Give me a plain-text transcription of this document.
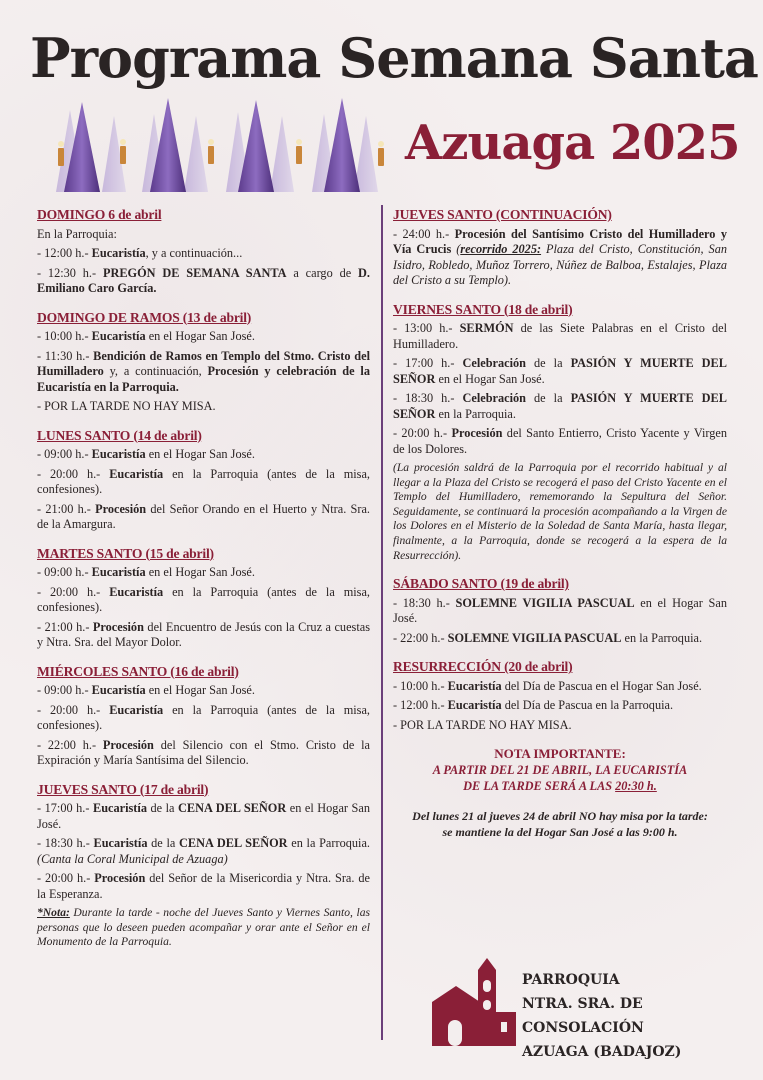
Programa Semana Santa
Azuaga 2025
DOMINGO 6 de abril
En la Parroquia:
- 12:00 h.- Eucaristía, y a continuación...
- 12:30 h.- PREGÓN DE SEMANA SANTA a cargo de D. Emiliano Caro García.
DOMINGO DE RAMOS (13 de abril)
- 10:00 h.- Eucaristía en el Hogar San José.
- 11:30 h.- Bendición de Ramos en Templo del Stmo. Cristo del Humilladero y, a continuación, Procesión y celebración de la Eucaristía en la Parroquia.
- POR LA TARDE NO HAY MISA.
LUNES SANTO (14 de abril)
- 09:00 h.- Eucaristía en el Hogar San José.
- 20:00 h.- Eucaristía en la Parroquia (antes de la misa, confesiones).
- 21:00 h.- Procesión del Señor Orando en el Huerto y Ntra. Sra. de la Amargura.
MARTES SANTO (15 de abril)
- 09:00 h.- Eucaristía en el Hogar San José.
- 20:00 h.- Eucaristía en la Parroquia (antes de la misa, confesiones).
- 21:00 h.- Procesión del Encuentro de Jesús con la Cruz a cuestas y Ntra. Sra. del Mayor Dolor.
MIÉRCOLES SANTO (16 de abril)
- 09:00 h.- Eucaristía en el Hogar San José.
- 20:00 h.- Eucaristía en la Parroquia (antes de la misa, confesiones).
- 22:00 h.- Procesión del Silencio con el Stmo. Cristo de la Expiración y María Santísima del Silencio.
JUEVES SANTO (17 de abril)
- 17:00 h.- Eucaristía de la CENA DEL SEÑOR en el Hogar San José.
- 18:30 h.- Eucaristía de la CENA DEL SEÑOR en la Parroquia. (Canta la Coral Municipal de Azuaga)
- 20:00 h.- Procesión del Señor de la Misericordia y Ntra. Sra. de la Esperanza.
*Nota: Durante la tarde - noche del Jueves Santo y Viernes Santo, las personas que lo deseen pueden acompañar y orar ante el Señor en el Monumento de la Parroquia.
JUEVES SANTO (CONTINUACIÓN)
- 24:00 h.- Procesión del Santísimo Cristo del Humilladero y Vía Crucis (recorrido 2025: Plaza del Cristo, Constitución, San Isidro, Robledo, Muñoz Torrero, Núñez de Balboa, Estalajes, Plaza del Cristo a su Templo).
VIERNES SANTO (18 de abril)
- 13:00 h.- SERMÓN de las Siete Palabras en el Cristo del Humilladero.
- 17:00 h.- Celebración de la PASIÓN Y MUERTE DEL SEÑOR en el Hogar San José.
- 18:30 h.- Celebración de la PASIÓN Y MUERTE DEL SEÑOR en la Parroquia.
- 20:00 h.- Procesión del Santo Entierro, Cristo Yacente y Virgen de los Dolores.
(La procesión saldrá de la Parroquia por el recorrido habitual y al llegar a la Plaza del Cristo se recogerá el paso del Cristo Yacente en el Templo del Humilladero, rememorando la Sepultura del Señor. Seguidamente, se continuará la procesión acompañando a la Virgen de los Dolores en el Misterio de la Soledad de Santa María, hasta llegar, finalmente, a la Parroquia, donde se recogerá a la espera de la Resurrección).
SÁBADO SANTO (19 de abril)
- 18:30 h.- SOLEMNE VIGILIA PASCUAL en el Hogar San José.
- 22:00 h.- SOLEMNE VIGILIA PASCUAL en la Parroquia.
RESURRECCIÓN (20 de abril)
- 10:00 h.- Eucaristía del Día de Pascua en el Hogar San José.
- 12:00 h.- Eucaristía del Día de Pascua en la Parroquia.
- POR LA TARDE NO HAY MISA.
NOTA IMPORTANTE:
A PARTIR DEL 21 DE ABRIL, LA EUCARISTÍA
DE LA TARDE SERÁ A LAS 20:30 h.
Del lunes 21 al jueves 24 de abril NO hay misa por la tarde:
se mantiene la del Hogar San José a las 9:00 h.
PARROQUIA
NTRA. SRA. DE CONSOLACIÓN
AZUAGA (BADAJOZ)
